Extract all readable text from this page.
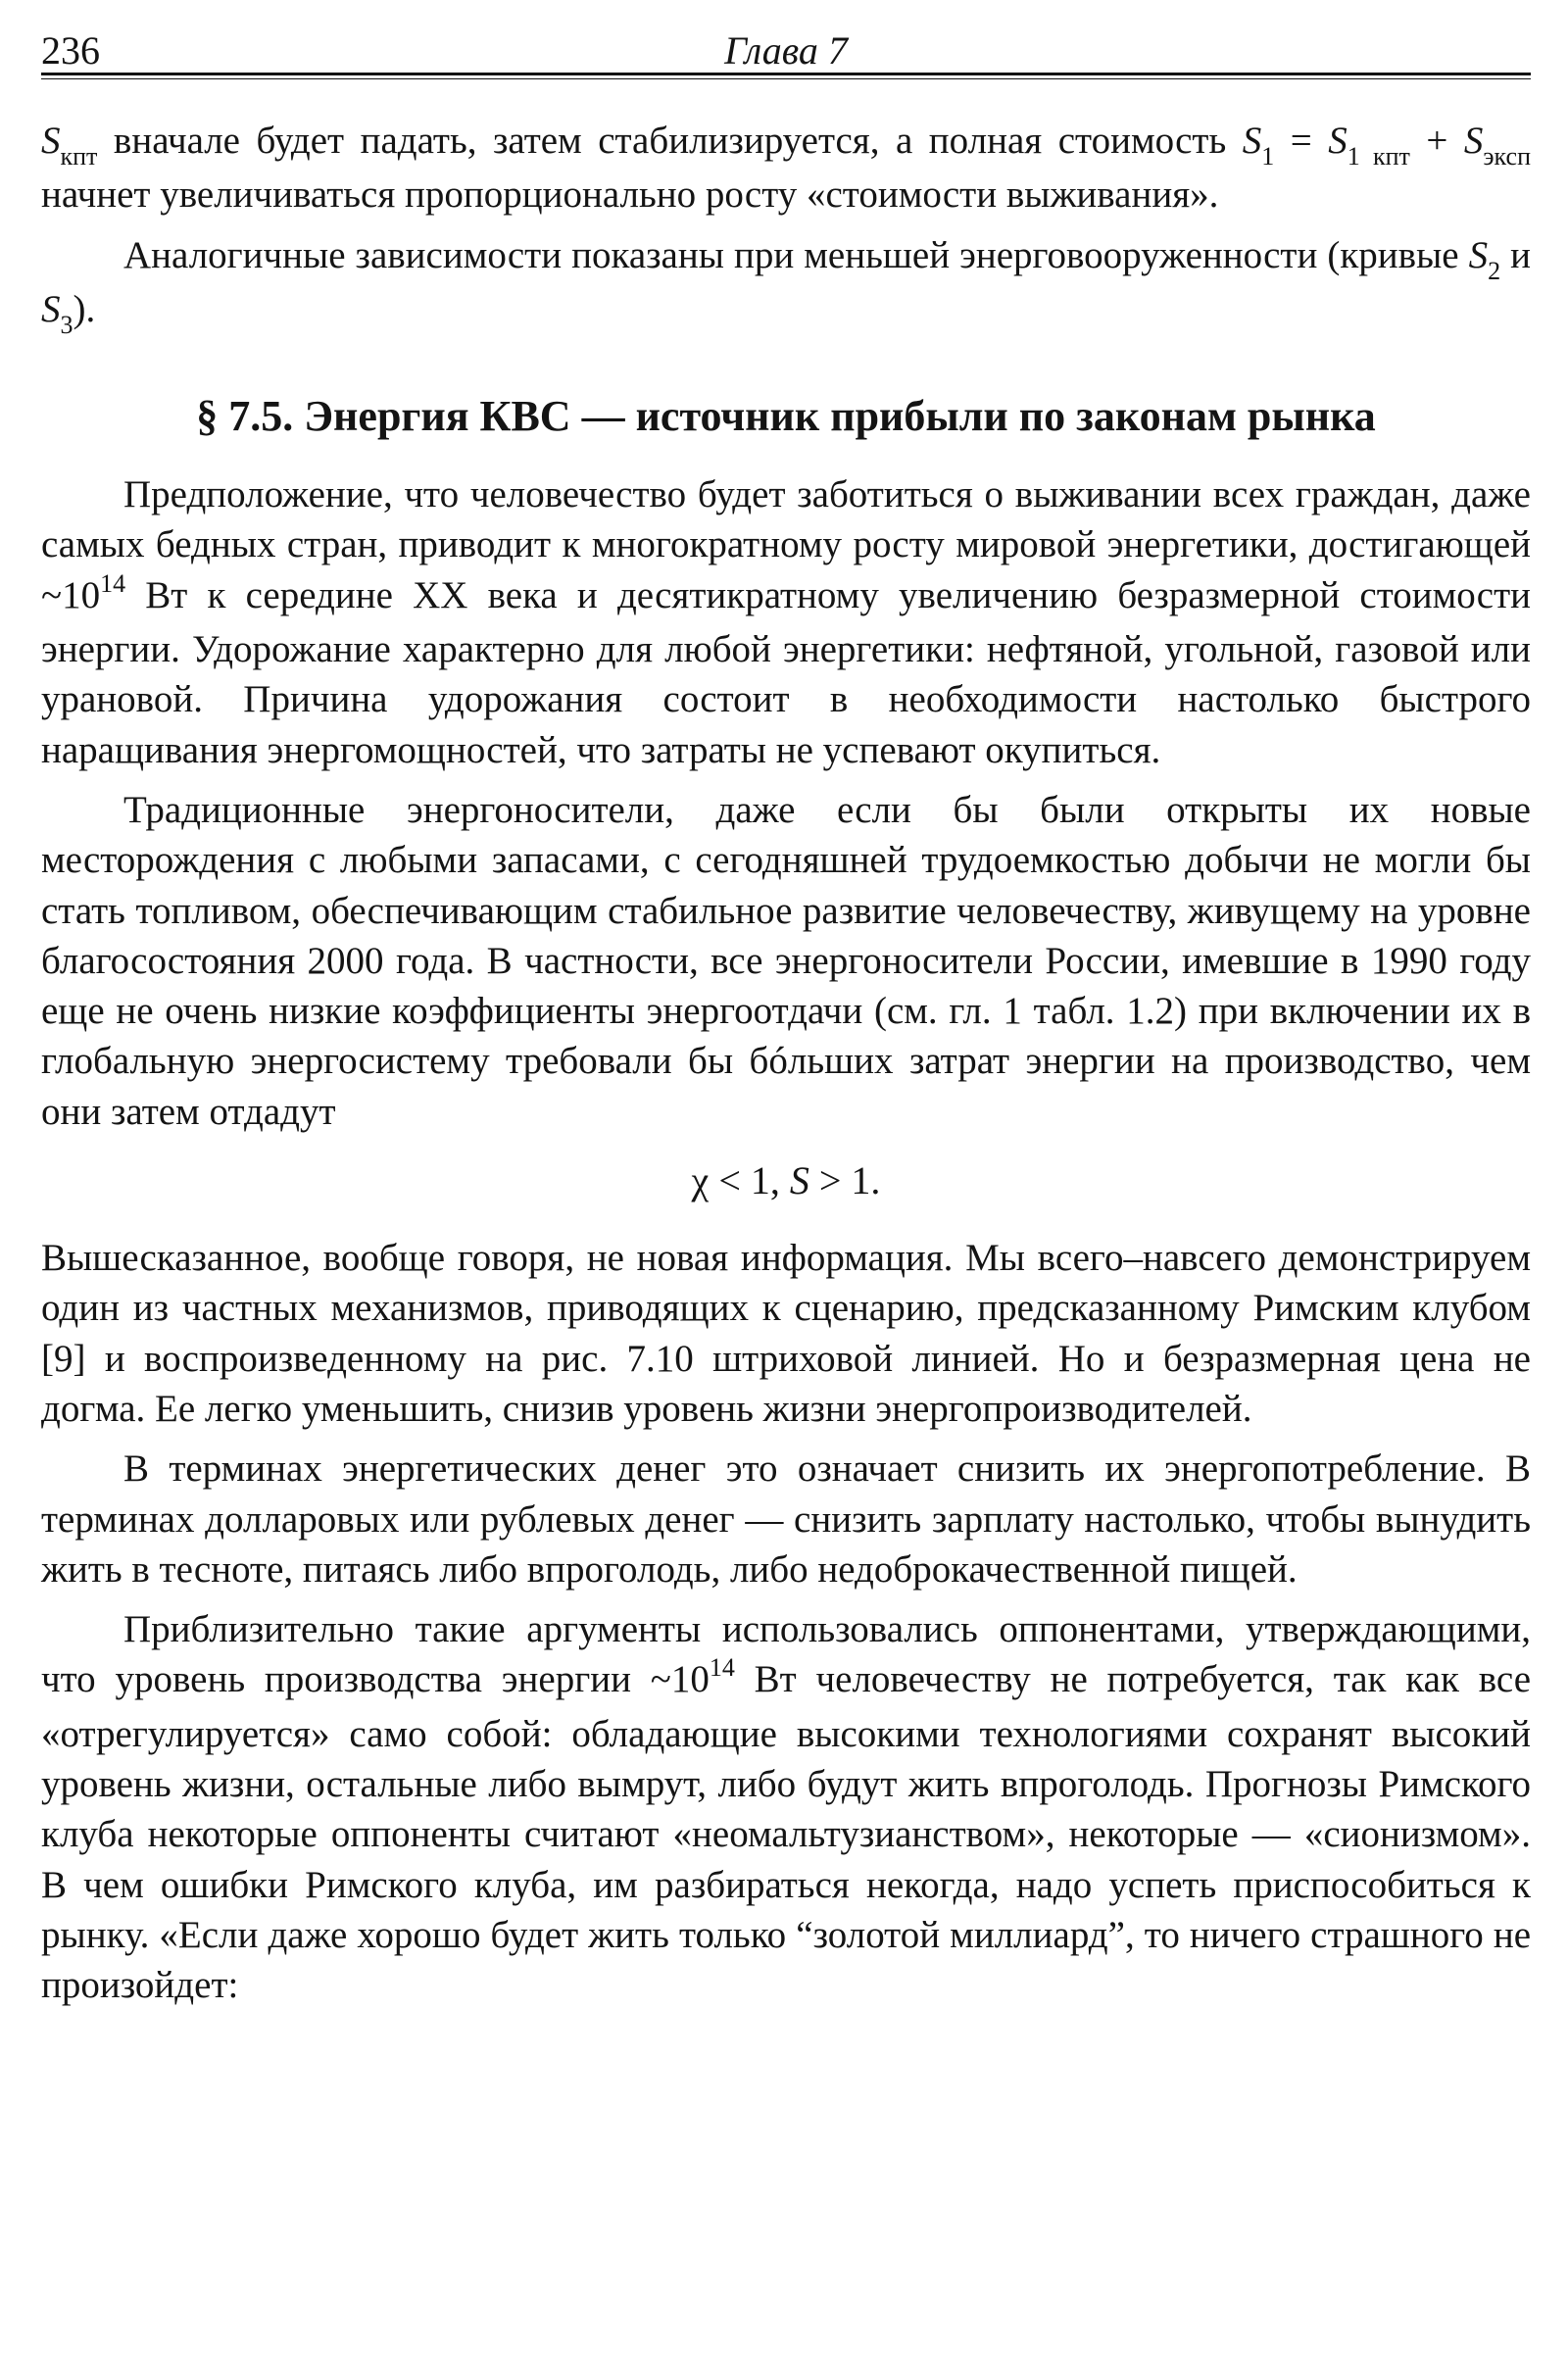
236	Глава 7

$S_{кпт}$ вначале будет падать, затем стабилизируется, а полная стоимость $S_1 = S_{1 кпт} + S_{эксп}$ начнет увеличиваться пропорционально росту «стоимости выживания».

Аналогичные зависимости показаны при меньшей энерговооруженности (кривые $S_2$ и $S_3$).

§ 7.5. Энергия КВС — источник прибыли по законам рынка

Предположение, что человечество будет заботиться о выживании всех граждан, даже самых бедных стран, приводит к многократному росту мировой энергетики, достигающей $\sim 10^{14}$ Вт к середине XX века и десятикратному увеличению безразмерной стоимости энергии. Удорожание характерно для любой энергетики: нефтяной, угольной, газовой или урановой. Причина удорожания состоит в необходимости настолько быстрого наращивания энергомощностей, что затраты не успевают окупиться.

Традиционные энергоносители, даже если бы были открыты их новые месторождения с любыми запасами, с сегодняшней трудоемкостью добычи не могли бы стать топливом, обеспечивающим стабильное развитие человечеству, живущему на уровне благосостояния 2000 года. В частности, все энергоносители России, имевшие в 1990 году еще не очень низкие коэффициенты энергоотдачи (см. гл. 1 табл. 1.2) при включении их в глобальную энергосистему требовали бы бóльших затрат энергии на производство, чем они затем отдадут

χ < 1, S > 1.

Вышесказанное, вообще говоря, не новая информация. Мы всего–навсего демонстрируем один из частных механизмов, приводящих к сценарию, предсказанному Римским клубом [9] и воспроизведенному на рис. 7.10 штриховой линией. Но и безразмерная цена не догма. Ее легко уменьшить, снизив уровень жизни энергопроизводителей.

В терминах энергетических денег это означает снизить их энергопотребление. В терминах долларовых или рублевых денег — снизить зарплату настолько, чтобы вынудить жить в тесноте, питаясь либо впроголодь, либо недоброкачественной пищей.

Приблизительно такие аргументы использовались оппонентами, утверждающими, что уровень производства энергии $\sim 10^{14}$ Вт человечеству не потребуется, так как все «отрегулируется» само собой: обладающие высокими технологиями сохранят высокий уровень жизни, остальные либо вымрут, либо будут жить впроголодь. Прогнозы Римского клуба некоторые оппоненты считают «неомальтузианством», некоторые — «сионизмом». В чем ошибки Римского клуба, им разбираться некогда, надо успеть приспособиться к рынку. «Если даже хорошо будет жить только “золотой миллиард”, то ничего страшного не произойдет:
